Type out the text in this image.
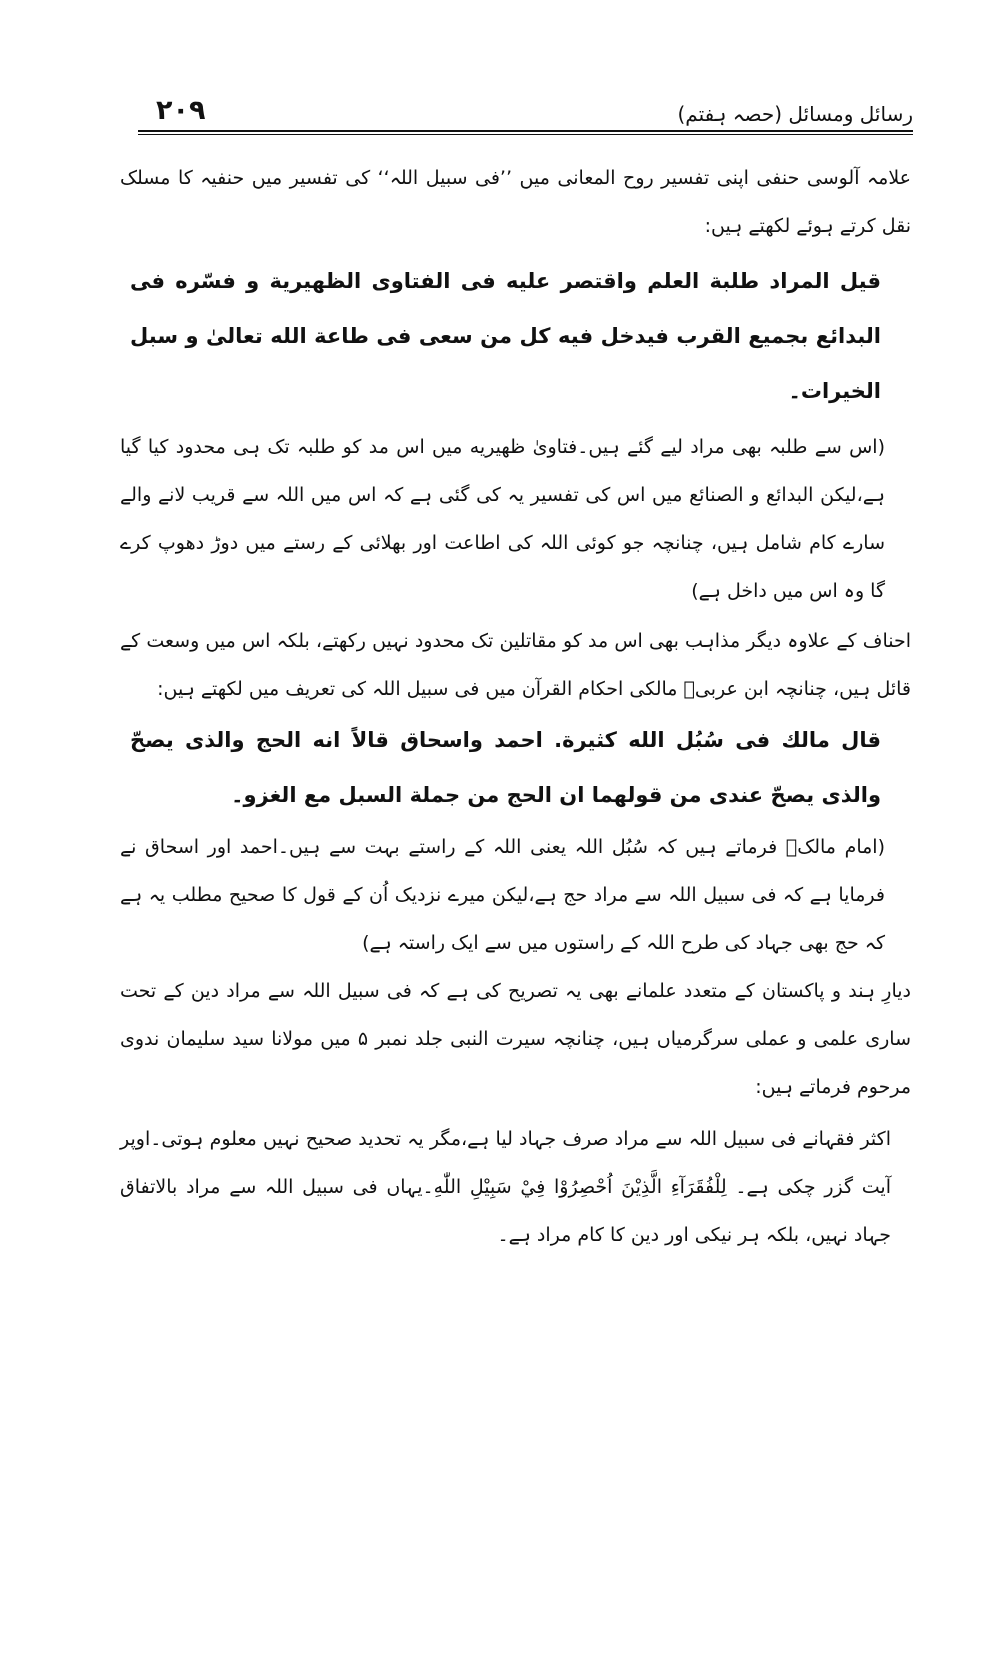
۲۰۹	رسائل ومسائل (حصہ ہفتم)

علامہ آلوسی حنفی اپنی تفسیر روح المعانی میں ’’فی سبیل اللہ‘‘ کی تفسیر میں حنفیہ کا مسلک نقل کرتے ہوئے لکھتے ہیں:

قيل المراد طلبة العلم واقتصر عليه فى الفتاوى الظهيرية و فسّره فى البدائع بجميع القرب فيدخل فيه كل من سعى فى طاعة الله تعالىٰ و سبل الخيرات۔

(اس سے طلبہ بھی مراد لیے گئے ہیں۔فتاویٰ ظهيريه میں اس مد کو طلبہ تک ہی محدود کیا گیا ہے،لیکن البدائع و الصنائع میں اس کی تفسیر یہ کی گئی ہے کہ اس میں اللہ سے قریب لانے والے سارے کام شامل ہیں، چنانچہ جو کوئی اللہ کی اطاعت اور بھلائی کے رستے میں دوڑ دھوپ کرے گا وہ اس میں داخل ہے)

احناف کے علاوہ دیگر مذاہب بھی اس مد کو مقاتلین تک محدود نہیں رکھتے، بلکہ اس میں وسعت کے قائل ہیں، چنانچہ ابن عربیؒ مالکی احکام القرآن میں فی سبیل اللہ کی تعریف میں لکھتے ہیں:

قال مالك فى سُبُل الله كثيرة. احمد واسحاق قالاً انه الحج والذى يصحّ والذى يصحّ عندى من قولهما ان الحج من جملة السبل مع الغزو۔

(امام مالکؒ فرماتے ہیں کہ سُبُل اللہ یعنی اللہ کے راستے بہت سے ہیں۔احمد اور اسحاق نے فرمایا ہے کہ فی سبیل اللہ سے مراد حج ہے،لیکن میرے نزدیک اُن کے قول کا صحیح مطلب یہ ہے کہ حج بھی جہاد کی طرح اللہ کے راستوں میں سے ایک راستہ ہے)

دیارِ ہند و پاکستان کے متعدد علمانے بھی یہ تصریح کی ہے کہ فی سبیل اللہ سے مراد دین کے تحت ساری علمی و عملی سرگرمیاں ہیں، چنانچہ سیرت النبی جلد نمبر ۵ میں مولانا سید سلیمان ندوی مرحوم فرماتے ہیں:

اکثر فقہانے فی سبیل اللہ سے مراد صرف جہاد لیا ہے،مگر یہ تحدید صحیح نہیں معلوم ہوتی۔اوپر آیت گزر چکی ہے۔ لِلْفُقَرَآءِ الَّذِيْنَ اُحْصِرُوْا فِيْ سَبِيْلِ اللّٰهِ۔یہاں فی سبیل اللہ سے مراد بالاتفاق جہاد نہیں، بلکہ ہر نیکی اور دین کا کام مراد ہے۔
